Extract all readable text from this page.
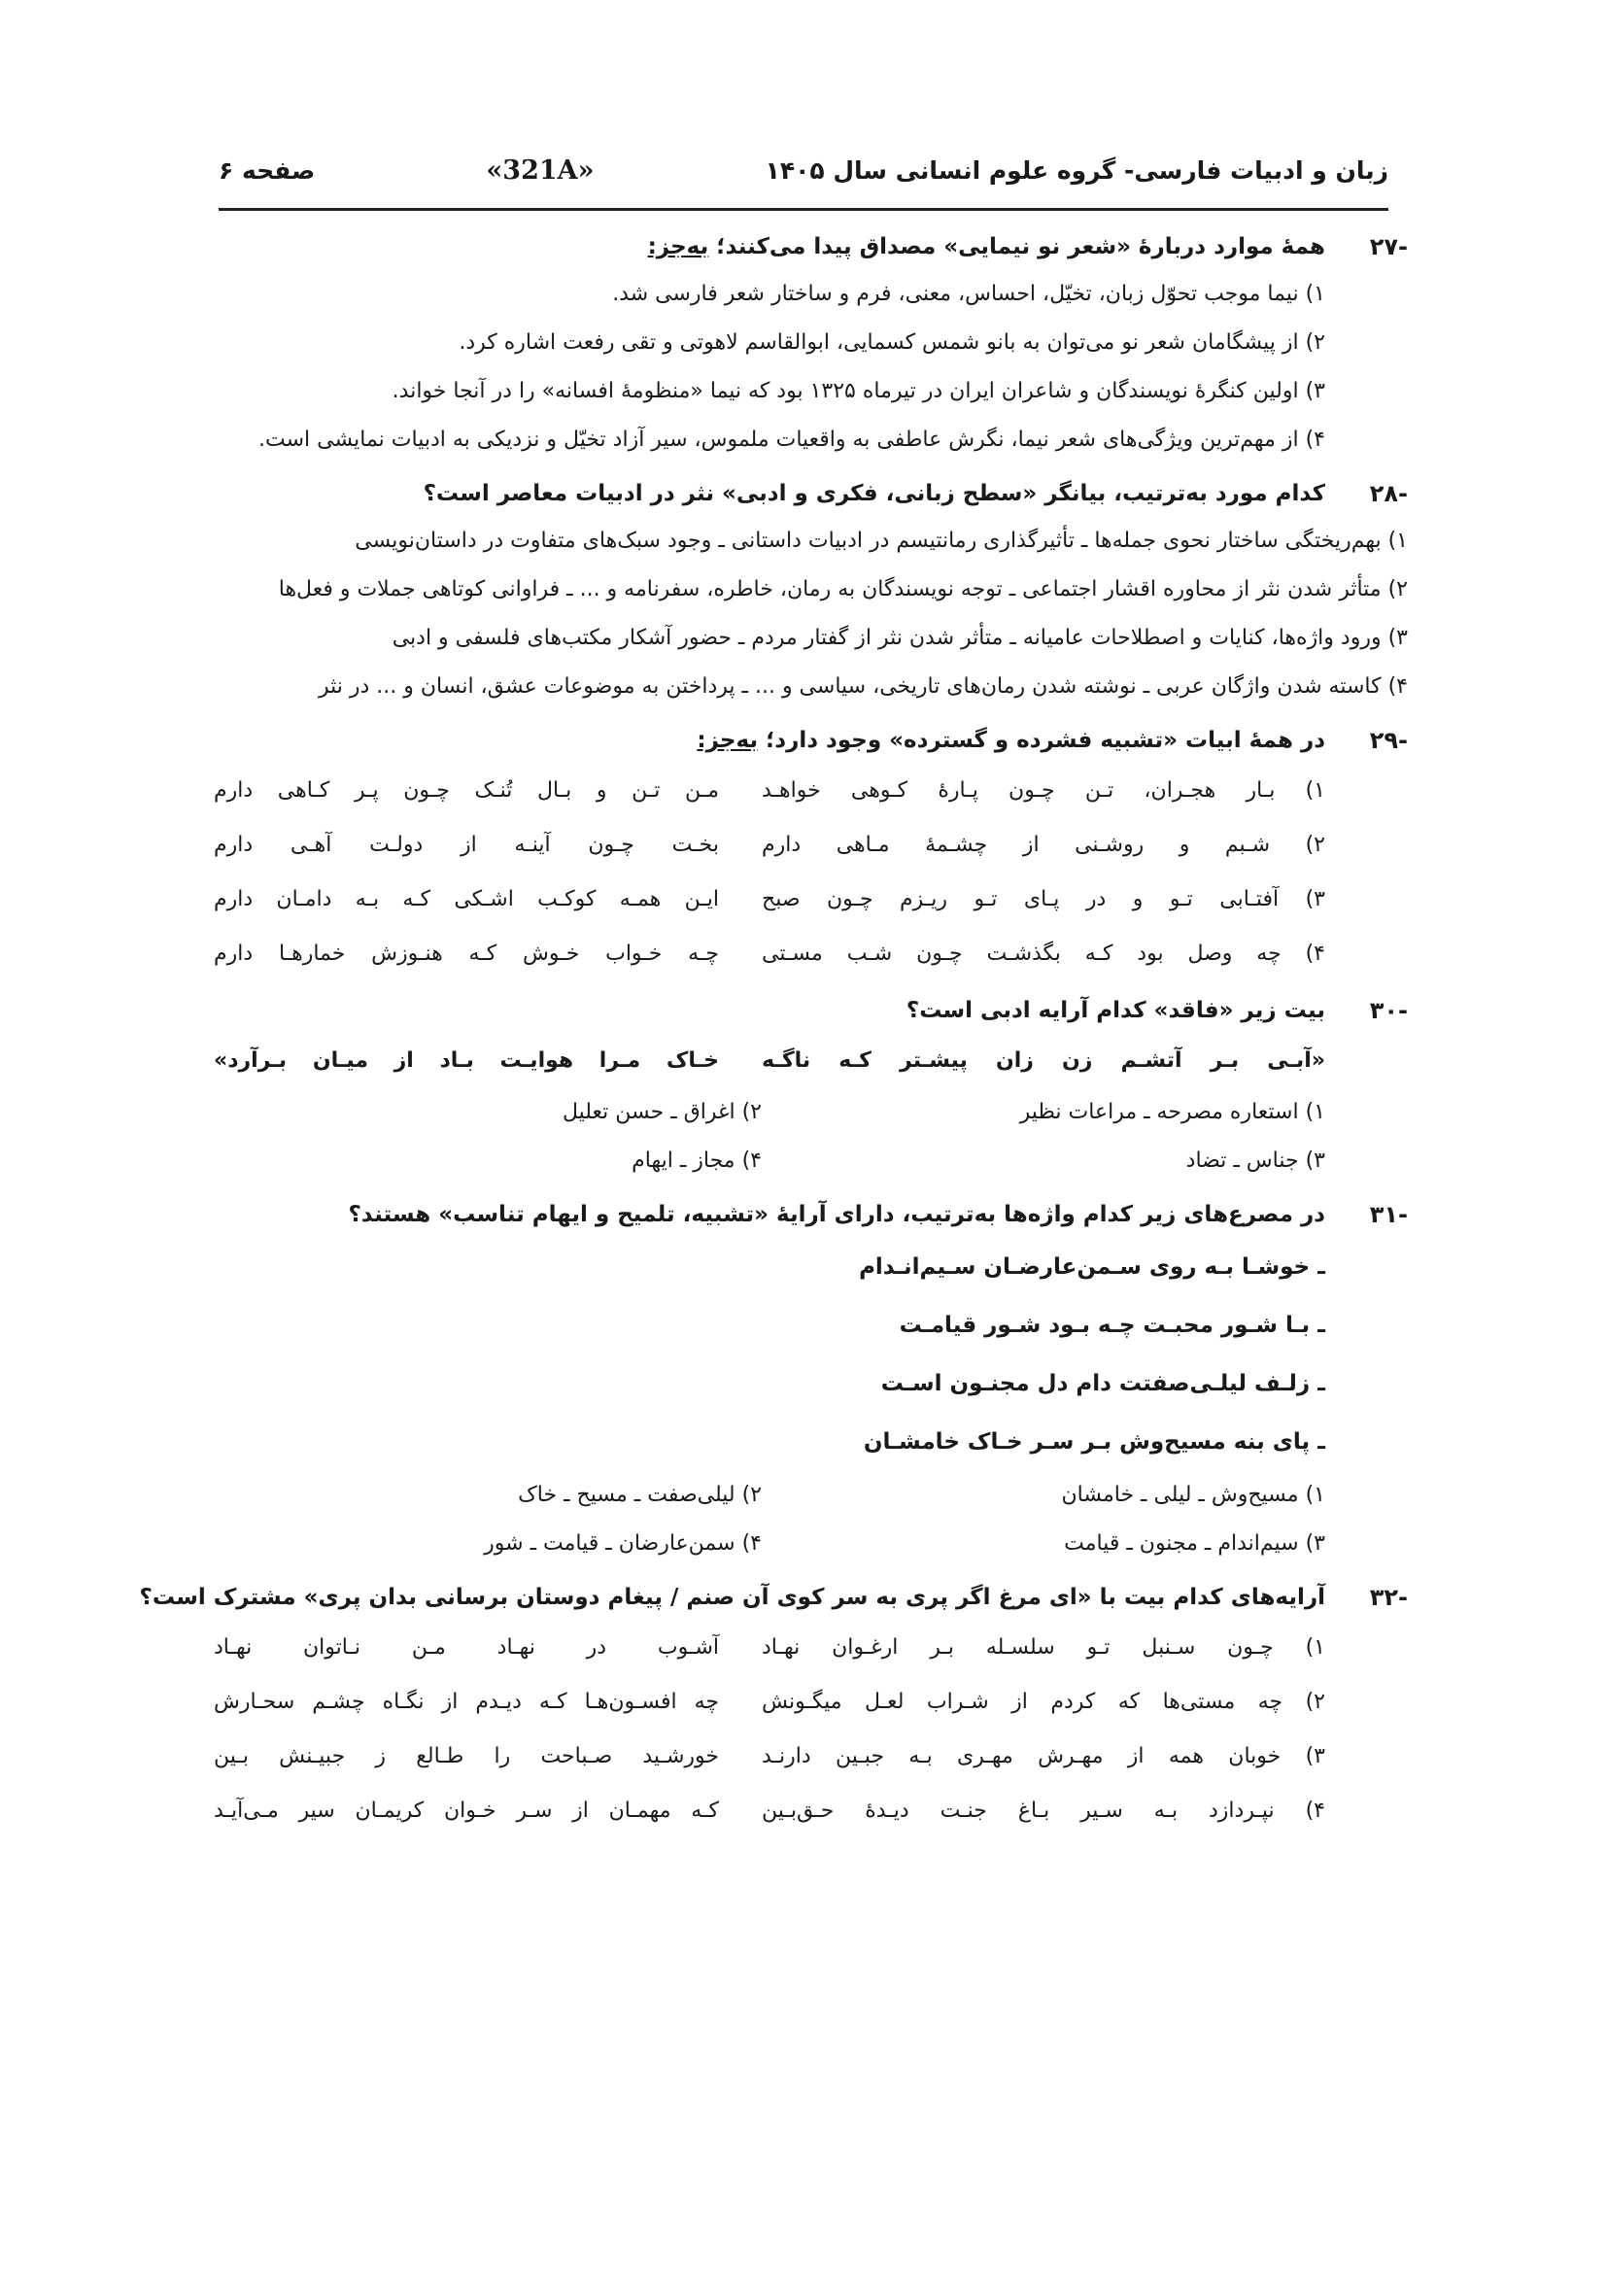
زبان و ادبیات فارسی- گروه علوم انسانی سال ۱۴۰۵
«321A»
صفحه ۶
-۲۷
همهٔ موارد دربارهٔ «شعر نو نیمایی» مصداق پیدا می‌کنند؛ به‌جز:
۱) نیما موجب تحوّل زبان، تخیّل، احساس، معنی، فرم و ساختار شعر فارسی شد.
۲) از پیشگامان شعر نو می‌توان به بانو شمس کسمایی، ابوالقاسم لاهوتی و تقی رفعت اشاره کرد.
۳) اولین کنگرهٔ نویسندگان و شاعران ایران در تیرماه ۱۳۲۵ بود که نیما «منظومهٔ افسانه» را در آنجا خواند.
۴) از مهم‌ترین ویژگی‌های شعر نیما، نگرش عاطفی به واقعیات ملموس، سیر آزاد تخیّل و نزدیکی به ادبیات نمایشی است.
-۲۸
کدام مورد به‌ترتیب، بیانگر «سطح زبانی، فکری و ادبی» نثر در ادبیات معاصر است؟
۱) بهم‌ریختگی ساختار نحوی جمله‌ها ـ تأثیرگذاری رمانتیسم در ادبیات داستانی ـ وجود سبک‌های متفاوت در داستان‌نویسی
۲) متأثر شدن نثر از محاوره اقشار اجتماعی ـ توجه نویسندگان به رمان، خاطره، سفرنامه و ... ـ فراوانی کوتاهی جملات و فعل‌ها
۳) ورود واژه‌ها، کنایات و اصطلاحات عامیانه ـ متأثر شدن نثر از گفتار مردم ـ حضور آشکار مکتب‌های فلسفی و ادبی
۴) کاسته شدن واژگان عربی ـ نوشته شدن رمان‌های تاریخی، سیاسی و ... ـ پرداختن به موضوعات عشق، انسان و ... در نثر
-۲۹
در همهٔ ابیات «تشبیه فشرده و گسترده» وجود دارد؛ به‌جز:
۱) بـار هجـران، تـن چـون پـارهٔ کـوهی خواهـد
مـن تـن و بـال تُنـک چـون پـر کـاهی دارم
۲) شـبم و روشـنی از چشـمهٔ مـاهی دارم
بخـت چـون آینـه از دولـت آهـی دارم
۳) آفتـابی تـو و در پـای تـو ریـزم چـون صبح
ایـن همـه کوکـب اشـکی کـه بـه دامـان دارم
۴) چه وصل بود کـه بگذشـت چـون شـب مسـتی
چـه خـواب خـوش کـه هنـوزش خمارهـا دارم
-۳۰
بیت زیر «فاقد» کدام آرایه ادبی است؟
«آبـی بـر آتشـم زن زان پیشـتر کـه ناگـه
خـاک مـرا هوایـت بـاد از میـان بـرآرد»
۱) استعاره مصرحه ـ مراعات نظیر
۲) اغراق ـ حسن تعلیل
۳) جناس ـ تضاد
۴) مجاز ـ ایهام
-۳۱
در مصرع‌های زیر کدام واژه‌ها به‌ترتیب، دارای آرایهٔ «تشبیه، تلمیح و ایهام تناسب» هستند؟
ـ خوشـا بـه روی سـمن‌عارضـان سـیم‌انـدام
ـ بـا شـور محبـت چـه بـود شـور قیامـت
ـ زلـف لیلـی‌صفتت دام دل مجنـون اسـت
ـ پای بنه مسیح‌وش بـر سـر خـاک خامشـان
۱) مسیح‌وش ـ لیلی ـ خامشان
۲) لیلی‌صفت ـ مسیح ـ خاک
۳) سیم‌اندام ـ مجنون ـ قیامت
۴) سمن‌عارضان ـ قیامت ـ شور
-۳۲
آرایه‌های کدام بیت با «ای مرغ اگر پری به سر کوی آن صنم / پیغام دوستان برسانی بدان پری» مشترک است؟
۱) چـون سـنبل تـو سلسـله بـر ارغـوان نهـاد
آشـوب در نهـاد مـن نـاتوان نهـاد
۲) چه مستی‌ها که کردم از شـراب لعـل میگـونش
چه افسـون‌هـا کـه دیـدم از نگـاه چشـم سحـارش
۳) خوبان همه از مهـرش مهـری بـه جبـین دارنـد
خورشـید صـباحت را طـالع ز جبیـنش بـین
۴) نپـردازد بـه سـیر بـاغ جنـت دیـدهٔ حـق‌بـین
کـه مهمـان از سـر خـوان کریمـان سیر مـی‌آیـد
